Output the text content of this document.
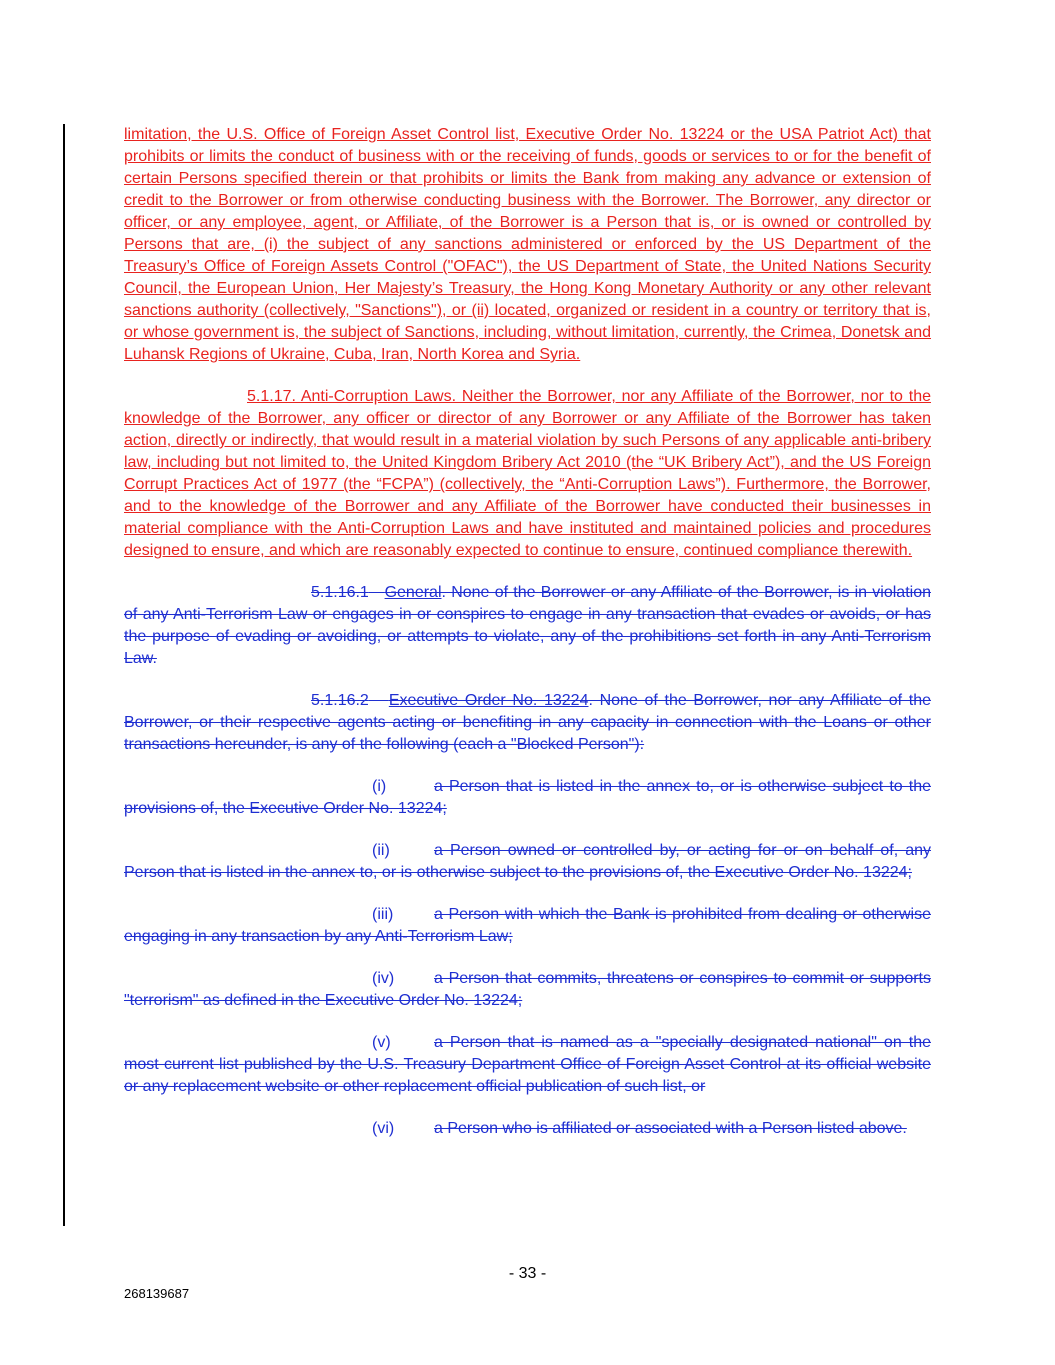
limitation, the U.S. Office of Foreign Asset Control list, Executive Order No. 13224 or the USA Patriot Act) that prohibits or limits the conduct of business with or the receiving of funds, goods or services to or for the benefit of certain Persons specified therein or that prohibits or limits the Bank from making any advance or extension of credit to the Borrower or from otherwise conducting business with the Borrower. The Borrower, any director or officer, or any employee, agent, or Affiliate, of the Borrower is a Person that is, or is owned or controlled by Persons that are, (i) the subject of any sanctions administered or enforced by the US Department of the Treasury’s Office of Foreign Assets Control ("OFAC"), the US Department of State, the United Nations Security Council, the European Union, Her Majesty’s Treasury, the Hong Kong Monetary Authority or any other relevant sanctions authority (collectively, "Sanctions"), or (ii) located, organized or resident in a country or territory that is, or whose government is, the subject of Sanctions, including, without limitation, currently, the Crimea, Donetsk and Luhansk Regions of Ukraine, Cuba, Iran, North Korea and Syria.

5.1.17. Anti-Corruption Laws. Neither the Borrower, nor any Affiliate of the Borrower, nor to the knowledge of the Borrower, any officer or director of any Borrower or any Affiliate of the Borrower has taken action, directly or indirectly, that would result in a material violation by such Persons of any applicable anti-bribery law, including but not limited to, the United Kingdom Bribery Act 2010 (the “UK Bribery Act”), and the US Foreign Corrupt Practices Act of 1977 (the “FCPA”) (collectively, the “Anti-Corruption Laws”). Furthermore, the Borrower, and to the knowledge of the Borrower and any Affiliate of the Borrower have conducted their businesses in material compliance with the Anti-Corruption Laws and have instituted and maintained policies and procedures designed to ensure, and which are reasonably expected to continue to ensure, continued compliance therewith.

5.1.16.1 General. None of the Borrower or any Affiliate of the Borrower, is in violation of any Anti-Terrorism Law or engages in or conspires to engage in any transaction that evades or avoids, or has the purpose of evading or avoiding, or attempts to violate, any of the prohibitions set forth in any Anti-Terrorism Law.

5.1.16.2 Executive Order No. 13224. None of the Borrower, nor any Affiliate of the Borrower, or their respective agents acting or benefiting in any capacity in connection with the Loans or other transactions hereunder, is any of the following (each a "Blocked Person"):

(i)	a Person that is listed in the annex to, or is otherwise subject to the provisions of, the Executive Order No. 13224;

(ii)	a Person owned or controlled by, or acting for or on behalf of, any Person that is listed in the annex to, or is otherwise subject to the provisions of, the Executive Order No. 13224;

(iii)	a Person with which the Bank is prohibited from dealing or otherwise engaging in any transaction by any Anti-Terrorism Law;

(iv) a Person that commits, threatens or conspires to commit or supports "terrorism" as defined in the Executive Order No. 13224;

(v)	a Person that is named as a "specially designated national" on the most current list published by the U.S. Treasury Department Office of Foreign Asset Control at its official website or any replacement website or other replacement official publication of such list, or

(vi) a Person who is affiliated or associated with a Person listed above.

- 33 -
268139687
